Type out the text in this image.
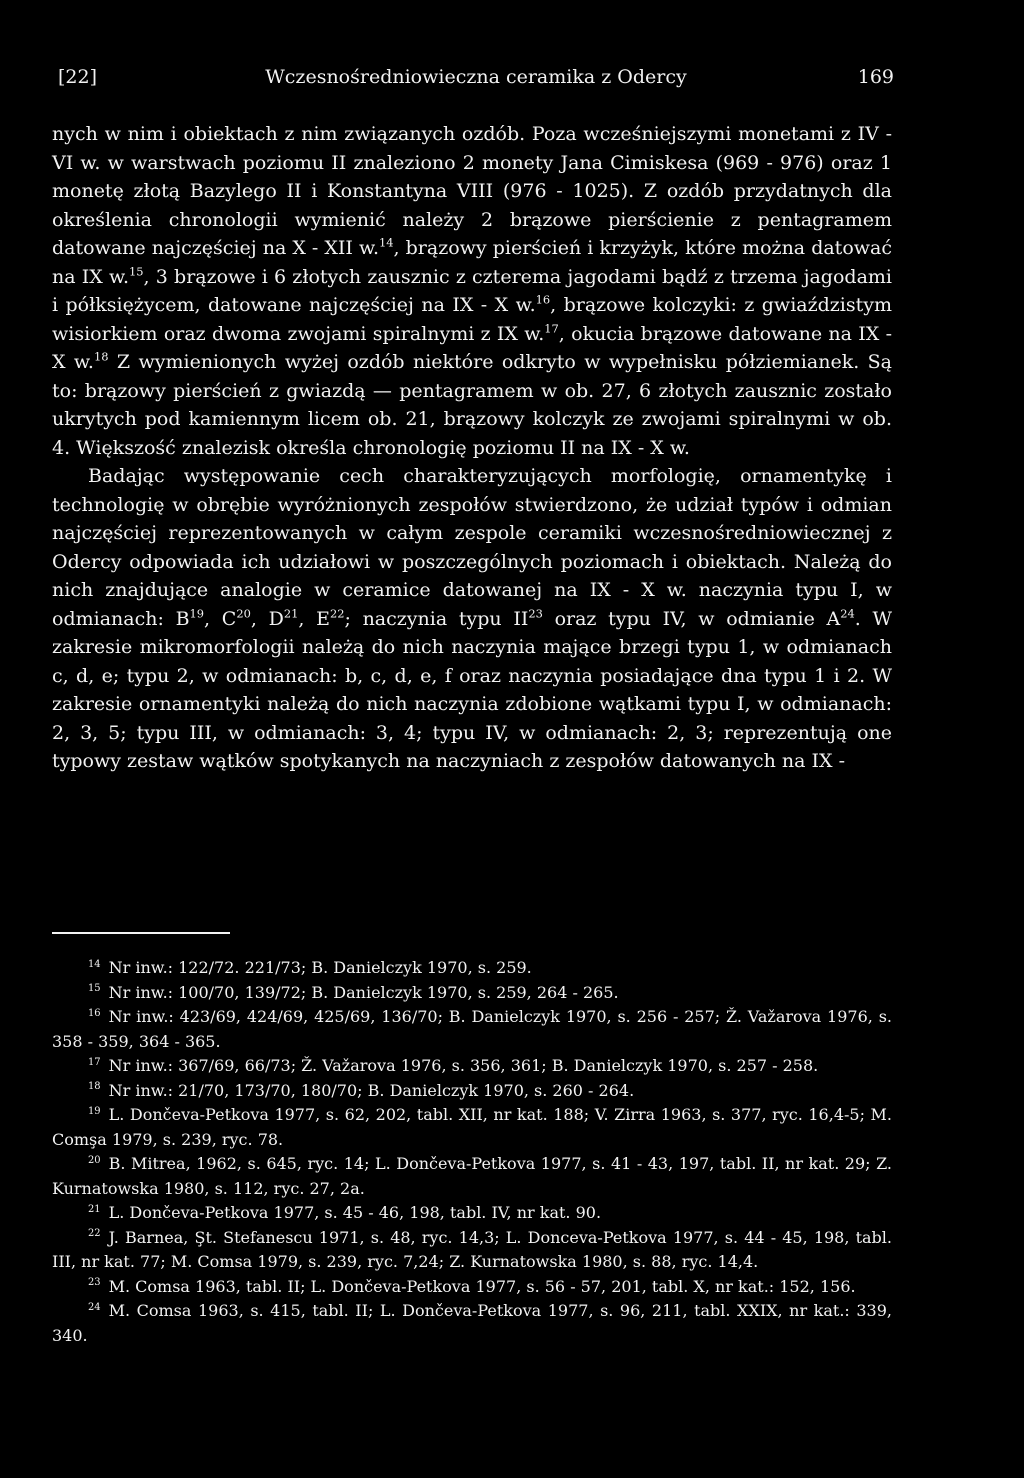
[22]	Wczesnośredniowieczna ceramika z Odercy	169

nych w nim i obiektach z nim związanych ozdób. Poza wcześniejszymi monetami z IV - VI w. w warstwach poziomu II znaleziono 2 monety Jana Cimiskesa (969 - 976) oraz 1 monetę złotą Bazylego II i Konstantyna VIII (976 - 1025). Z ozdób przydatnych dla określenia chronologii wymienić należy 2 brązowe pierścienie z pentagramem datowane najczęściej na X - XII w.$^{14}$, brązowy pierścień i krzyżyk, które można datować na IX w.$^{15}$, 3 brązowe i 6 złotych zausznic z czterema jagodami bądź z trzema jagodami i półksiężycem, datowane najczęściej na IX - X w.$^{16}$, brązowe kolczyki: z gwiaździstym wisiorkiem oraz dwoma zwojami spiralnymi z IX w.$^{17}$, okucia brązowe datowane na IX - X w.$^{18}$ Z wymienionych wyżej ozdób niektóre odkryto w wypełnisku półziemianek. Są to: brązowy pierścień z gwiazdą — pentagramem w ob. 27, 6 złotych zausznic zostało ukrytych pod kamiennym licem ob. 21, brązowy kolczyk ze zwojami spiralnymi w ob. 4. Większość znalezisk określa chronologię poziomu II na IX - X w.

Badając występowanie cech charakteryzujących morfologię, ornamentykę i technologię w obrębie wyróżnionych zespołów stwierdzono, że udział typów i odmian najczęściej reprezentowanych w całym zespole ceramiki wczesnośredniowiecznej z Odercy odpowiada ich udziałowi w poszczególnych poziomach i obiektach. Należą do nich znajdujące analogie w ceramice datowanej na IX - X w. naczynia typu I, w odmianach: $B^{19}$, $C^{20}$, $D^{21}$, $E^{22}$; naczynia typu II$^{23}$ oraz typu IV, w odmianie $A^{24}$. W zakresie mikromorfologii należą do nich naczynia mające brzegi typu 1, w odmianach c, d, e; typu 2, w odmianach: b, c, d, e, f oraz naczynia posiadające dna typu 1 i 2. W zakresie ornamentyki należą do nich naczynia zdobione wątkami typu I, w odmianach: 2, 3, 5; typu III, w odmianach: 3, 4; typu IV, w odmianach: 2, 3; reprezentują one typowy zestaw wątków spotykanych na naczyniach z zespołów datowanych na IX -

$^{14}$ Nr inw.: 122/72. 221/73; B. Danielczyk 1970, s. 259.

$^{15}$ Nr inw.: 100/70, 139/72; B. Danielczyk 1970, s. 259, 264 - 265.

$^{16}$ Nr inw.: 423/69, 424/69, 425/69, 136/70; B. Danielczyk 1970, s. 256 - 257; Ž. Važarova 1976, s. 358 - 359, 364 - 365.

$^{17}$ Nr inw.: 367/69, 66/73; Ž. Važarova 1976, s. 356, 361; B. Danielczyk 1970, s. 257 - 258.

$^{18}$ Nr inw.: 21/70, 173/70, 180/70; B. Danielczyk 1970, s. 260 - 264.

$^{19}$ L. Dončeva-Petkova 1977, s. 62, 202, tabl. XII, nr kat. 188; V. Zirra 1963, s. 377, ryc. 16,4-5; M. Comşa 1979, s. 239, ryc. 78.

$^{20}$ B. Mitrea, 1962, s. 645, ryc. 14; L. Dončeva-Petkova 1977, s. 41 - 43, 197, tabl. II, nr kat. 29; Z. Kurnatowska 1980, s. 112, ryc. 27, 2a.

$^{21}$ L. Dončeva-Petkova 1977, s. 45 - 46, 198, tabl. IV, nr kat. 90.

$^{22}$ J. Barnea, Şt. Stefanescu 1971, s. 48, ryc. 14,3; L. Donceva-Petkova 1977, s. 44 - 45, 198, tabl. III, nr kat. 77; M. Comsa 1979, s. 239, ryc. 7,24; Z. Kurnatowska 1980, s. 88, ryc. 14,4.

$^{23}$ M. Comsa 1963, tabl. II; L. Dončeva-Petkova 1977, s. 56 - 57, 201, tabl. X, nr kat.: 152, 156.

$^{24}$ M. Comsa 1963, s. 415, tabl. II; L. Dončeva-Petkova 1977, s. 96, 211, tabl. XXIX, nr kat.: 339, 340.
